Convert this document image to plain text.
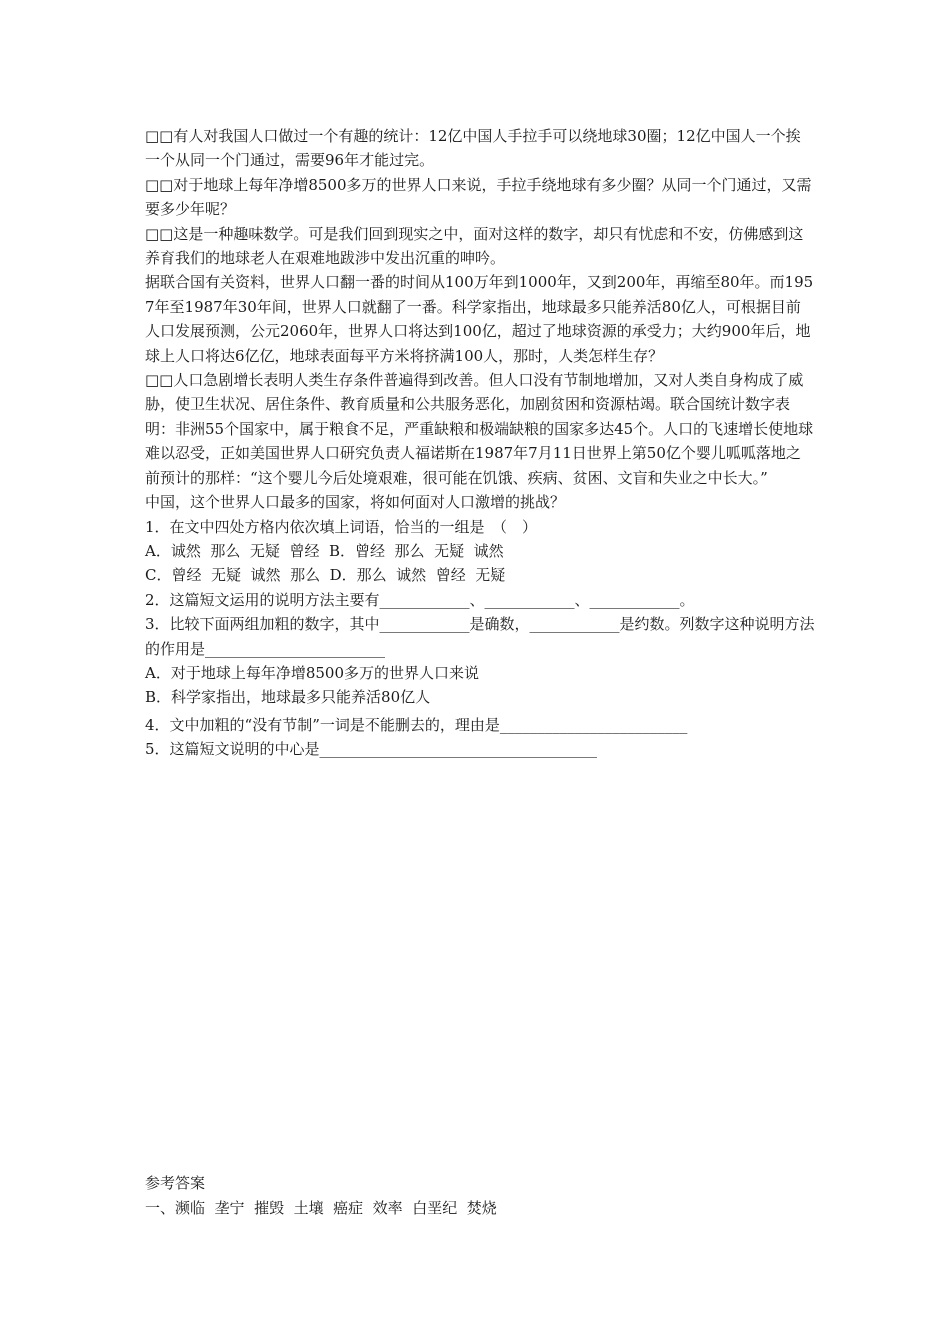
□□有人对我国人口做过一个有趣的统计：12亿中国人手拉手可以绕地球30圈；12亿中国人一个挨一个从同一个门通过，需要96年才能过完。

□□对于地球上每年净增8500多万的世界人口来说，手拉手绕地球有多少圈？从同一个门通过，又需要多少年呢？

□□这是一种趣味数学。可是我们回到现实之中，面对这样的数字，却只有忧虑和不安，仿佛感到这养育我们的地球老人在艰难地跋涉中发出沉重的呻吟。

据联合国有关资料，世界人口翻一番的时间从100万年到1000年，又到200年，再缩至80年。而1957年至1987年30年间，世界人口就翻了一番。科学家指出，地球最多只能养活80亿人，可根据目前人口发展预测，公元2060年，世界人口将达到100亿，超过了地球资源的承受力；大约900年后，地球上人口将达6亿亿，地球表面每平方米将挤满100人，那时，人类怎样生存？

□□人口急剧增长表明人类生存条件普遍得到改善。但人口没有节制地增加，又对人类自身构成了威胁，使卫生状况、居住条件、教育质量和公共服务恶化，加剧贫困和资源枯竭。联合国统计数字表明：非洲55个国家中，属于粮食不足，严重缺粮和极端缺粮的国家多达45个。人口的飞速增长使地球难以忍受，正如美国世界人口研究负责人福诺斯在1987年7月11日世界上第50亿个婴儿呱呱落地之前预计的那样：“这个婴儿今后处境艰难，很可能在饥饿、疾病、贫困、文盲和失业之中长大。”

中国，这个世界人口最多的国家，将如何面对人口激增的挑战？

1．在文中四处方格内依次填上词语，恰当的一组是　（　）

A．诚然  那么  无疑  曾经  B．曾经  那么  无疑  诚然

C．曾经  无疑  诚然  那么  D．那么  诚然  曾经  无疑

2．这篇短文运用的说明方法主要有____________、____________、____________。

3．比较下面两组加粗的数字，其中____________是确数，____________是约数。列数字这种说明方法的作用是________________________

A．对于地球上每年净增8500多万的世界人口来说

B．科学家指出，地球最多只能养活80亿人

4．文中加粗的“没有节制”一词是不能删去的，理由是_________________________

5．这篇短文说明的中心是_____________________________________

参考答案

一、濒临  垄宁  摧毁  土壤  癌症  效率  白垩纪  焚烧
